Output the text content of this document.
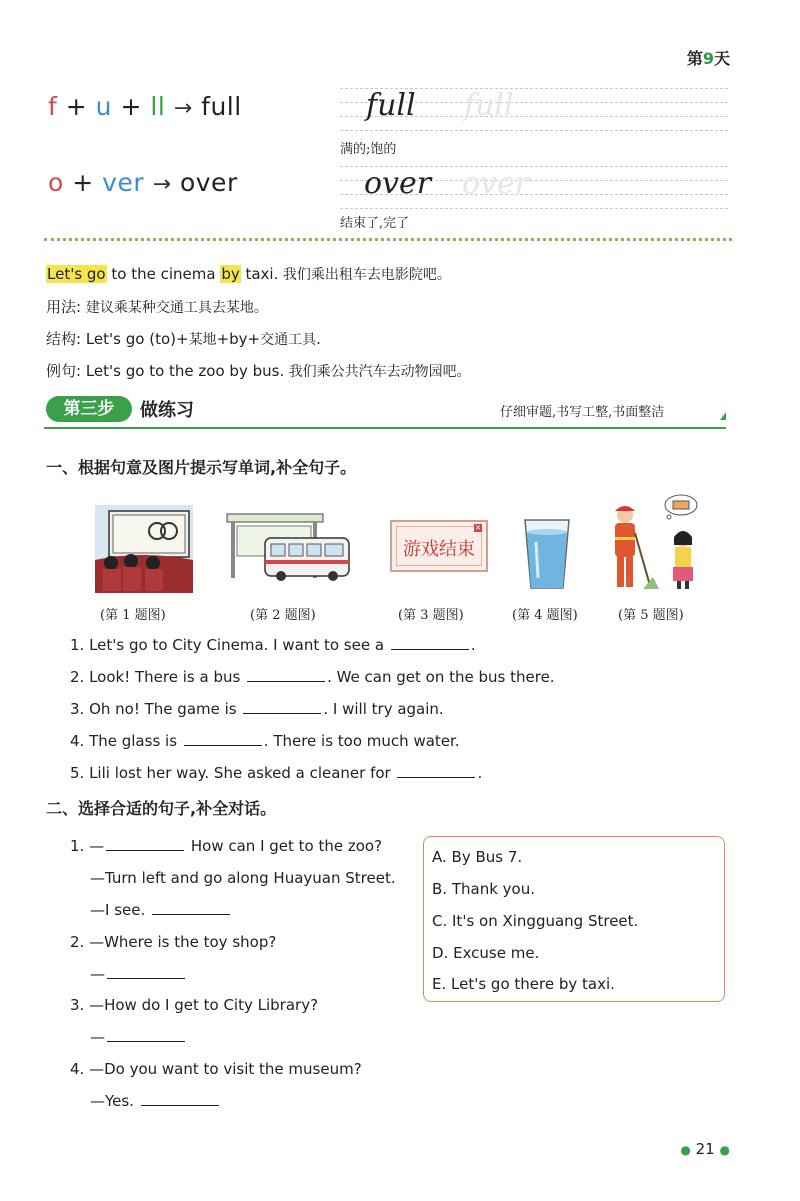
第9天
f + u + ll → full
o + ver → over
full full
满的;饱的
over over
结束了,完了
Let's go to the cinema by taxi. 我们乘出租车去电影院吧。
用法: 建议乘某种交通工具去某地。
结构: Let's go (to)+某地+by+交通工具.
例句: Let's go to the zoo by bus. 我们乘公共汽车去动物园吧。
第三步	做练习	仔细审题,书写工整,书面整洁
一、根据句意及图片提示写单词,补全句子。
×
游戏结束
(第 1 题图)	(第 2 题图)	(第 3 题图)	(第 4 题图)	(第 5 题图)
1. Let's go to City Cinema. I want to see a	.
2. Look! There is a bus	. We can get on the bus there.
3. Oh no! The game is	. I will try again.
4. The glass is	. There is too much water.
5. Lili lost her way. She asked a cleaner for	.
二、选择合适的句子,补全对话。
1. —	How can I get to the zoo?
—Turn left and go along Huayuan Street.
—I see.
2. —Where is the toy shop?
—
3. —How do I get to City Library?
—
4. —Do you want to visit the museum?
—Yes.
A. By Bus 7.
B. Thank you.
C. It's on Xingguang Street.
D. Excuse me.
E. Let's go there by taxi.
● 21 ●
